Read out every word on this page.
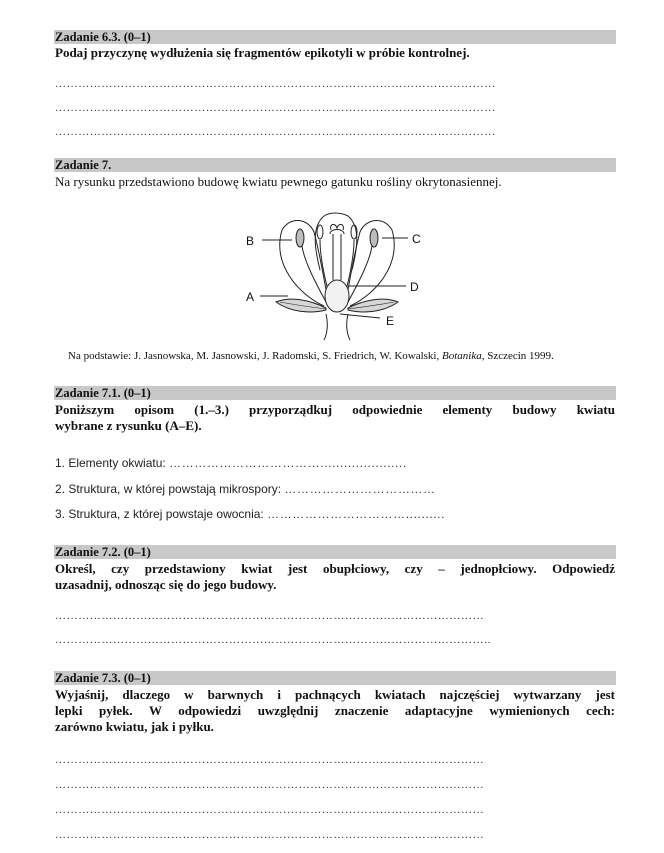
Zadanie 6.3. (0–1)
Podaj przyczynę wydłużenia się fragmentów epikotyli w próbie kontrolnej.
……………………………………………………………………………………………………
……………………………………………………………………………………………………
……………………………………………………………………………………………………
Zadanie 7.
Na rysunku przedstawiono budowę kwiatu pewnego gatunku rośliny okrytonasiennej.
B	C
D
A
E
Na podstawie: J. Jasnowska, M. Jasnowski, J. Radomski, S. Friedrich, W. Kowalski, Botanika, Szczecin 1999.
Zadanie 7.1. (0–1)
Poniższym opisom (1.–3.) przyporządkuj odpowiednie elementy budowy kwiatu
wybrane z rysunku (A–E).
1. Elementy okwiatu: ………………………………......................
2. Struktura, w której powstają mikrospory: ………………………………
3. Struktura, z której powstaje owocnia: ……………………………..........
Zadanie 7.2. (0–1)
Określ, czy przedstawiony kwiat jest obupłciowy, czy – jednopłciowy. Odpowiedź
uzasadnij, odnosząc się do jego budowy.
…………………………………………………………………………………………………
…………………………………………………………………………………………………..
Zadanie 7.3. (0–1)
Wyjaśnij, dlaczego w barwnych i pachnących kwiatach najczęściej wytwarzany jest
lepki pyłek. W odpowiedzi uwzględnij znaczenie adaptacyjne wymienionych cech:
zarówno kwiatu, jak i pyłku.
…………………………………………………………………………………………………
…………………………………………………………………………………………………
…………………………………………………………………………………………………
…………………………………………………………………………………………………
